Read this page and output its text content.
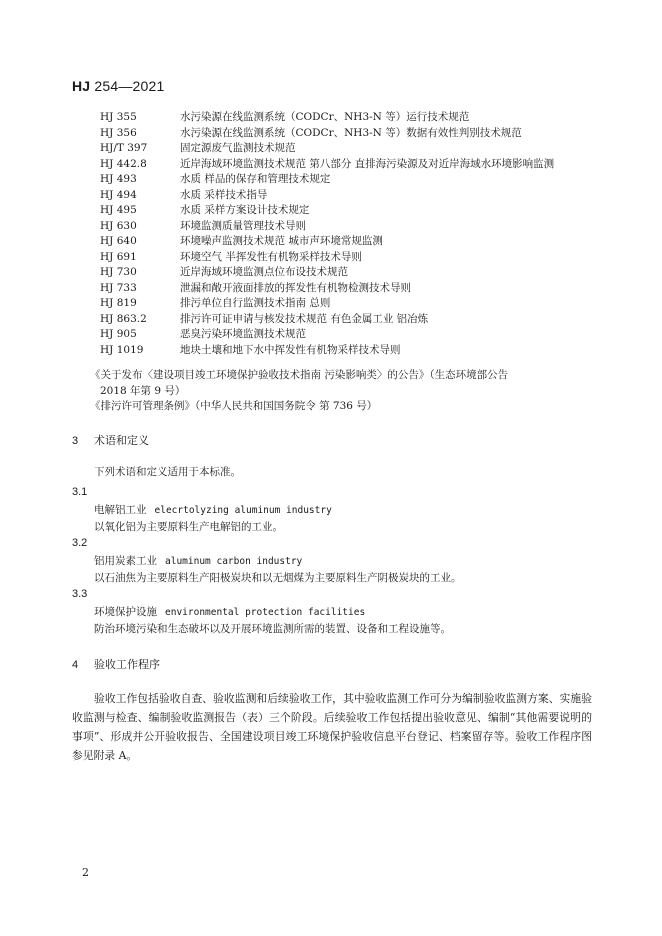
HJ 254—2021
HJ 355	水污染源在线监测系统（CODCr、NH3-N 等）运行技术规范
HJ 356	水污染源在线监测系统（CODCr、NH3-N 等）数据有效性判别技术规范
HJ/T 397	固定源废气监测技术规范
HJ 442.8	近岸海域环境监测技术规范 第八部分 直排海污染源及对近岸海域水环境影响监测
HJ 493	水质 样品的保存和管理技术规定
HJ 494	水质 采样技术指导
HJ 495	水质 采样方案设计技术规定
HJ 630	环境监测质量管理技术导则
HJ 640	环境噪声监测技术规范 城市声环境常规监测
HJ 691	环境空气 半挥发性有机物采样技术导则
HJ 730	近岸海域环境监测点位布设技术规范
HJ 733	泄漏和敞开液面排放的挥发性有机物检测技术导则
HJ 819	排污单位自行监测技术指南 总则
HJ 863.2	排污许可证申请与核发技术规范 有色金属工业 铝冶炼
HJ 905	恶臭污染环境监测技术规范
HJ 1019	地块土壤和地下水中挥发性有机物采样技术导则
《关于发布〈建设项目竣工环境保护验收技术指南 污染影响类〉的公告》（生态环境部公告
2018 年第 9 号）
《排污许可管理条例》（中华人民共和国国务院令 第 736 号）
3 术语和定义
下列术语和定义适用于本标准。
3.1
电解铝工业 elecrtolyzing aluminum industry
以氧化铝为主要原料生产电解铝的工业。
3.2
铝用炭素工业 aluminum carbon industry
以石油焦为主要原料生产阳极炭块和以无烟煤为主要原料生产阴极炭块的工业。
3.3
环境保护设施 environmental protection facilities
防治环境污染和生态破坏以及开展环境监测所需的装置、设备和工程设施等。
4 验收工作程序
验收工作包括验收自查、验收监测和后续验收工作，其中验收监测工作可分为编制验收监测方案、实施验收监测与检查、编制验收监测报告（表）三个阶段。后续验收工作包括提出验收意见、编制“其他需要说明的事项”、形成并公开验收报告、全国建设项目竣工环境保护验收信息平台登记、档案留存等。验收工作程序图参见附录 A。
2
